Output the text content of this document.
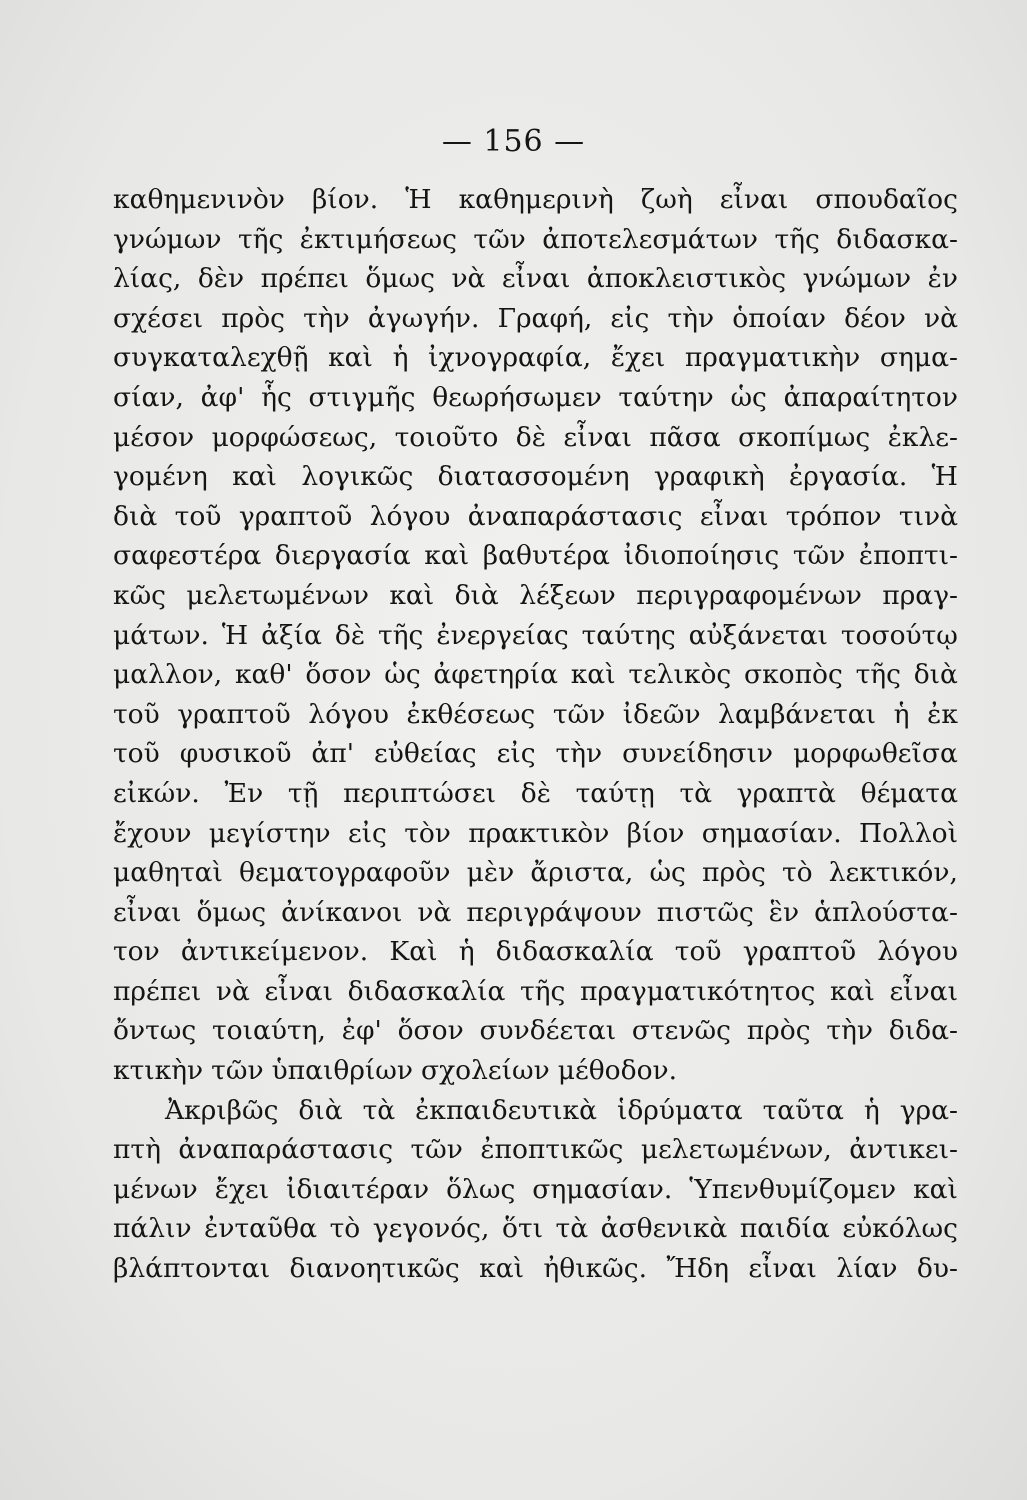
— 156 —
καθημενινὸν βίον. Ἡ καθημερινὴ ζωὴ εἶναι σπουδαῖος
γνώμων τῆς ἐκτιμήσεως τῶν ἀποτελεσμάτων τῆς διδασκα-
λίας, δὲν πρέπει ὅμως νὰ εἶναι ἀποκλειστικὸς γνώμων ἐν
σχέσει πρὸς τὴν ἀγωγήν. Γραφή, εἰς τὴν ὁποίαν δέον νὰ
συγκαταλεχθῇ καὶ ἡ ἰχνογραφία, ἔχει πραγματικὴν σημα-
σίαν, ἀφ' ἧς στιγμῆς θεωρήσωμεν ταύτην ὡς ἀπαραίτητον
μέσον μορφώσεως, τοιοῦτο δὲ εἶναι πᾶσα σκοπίμως ἐκλε-
γομένη καὶ λογικῶς διατασσομένη γραφικὴ ἐργασία. Ἡ
διὰ τοῦ γραπτοῦ λόγου ἀναπαράστασις εἶναι τρόπον τινὰ
σαφεστέρα διεργασία καὶ βαθυτέρα ἰδιοποίησις τῶν ἐποπτι-
κῶς μελετωμένων καὶ διὰ λέξεων περιγραφομένων πραγ-
μάτων. Ἡ ἀξία δὲ τῆς ἐνεργείας ταύτης αὐξάνεται τοσούτῳ
μαλλον, καθ' ὅσον ὡς ἀφετηρία καὶ τελικὸς σκοπὸς τῆς διὰ
τοῦ γραπτοῦ λόγου ἐκθέσεως τῶν ἰδεῶν λαμβάνεται ἡ ἐκ
τοῦ φυσικοῦ ἀπ' εὐθείας εἰς τὴν συνείδησιν μορφωθεῖσα
εἰκών. Ἐν τῇ περιπτώσει δὲ ταύτῃ τὰ γραπτὰ θέματα
ἔχουν μεγίστην εἰς τὸν πρακτικὸν βίον σημασίαν. Πολλοὶ
μαθηταὶ θεματογραφοῦν μὲν ἄριστα, ὡς πρὸς τὸ λεκτικόν,
εἶναι ὅμως ἀνίκανοι νὰ περιγράψουν πιστῶς ἓν ἁπλούστα-
τον ἀντικείμενον. Καὶ ἡ διδασκαλία τοῦ γραπτοῦ λόγου
πρέπει νὰ εἶναι διδασκαλία τῆς πραγματικότητος καὶ εἶναι
ὄντως τοιαύτη, ἐφ' ὅσον συνδέεται στενῶς πρὸς τὴν διδα-
κτικὴν τῶν ὑπαιθρίων σχολείων μέθοδον.
Ἀκριβῶς διὰ τὰ ἐκπαιδευτικὰ ἱδρύματα ταῦτα ἡ γρα-
πτὴ ἀναπαράστασις τῶν ἐποπτικῶς μελετωμένων, ἀντικει-
μένων ἔχει ἰδιαιτέραν ὅλως σημασίαν. Ὑπενθυμίζομεν καὶ
πάλιν ἐνταῦθα τὸ γεγονός, ὅτι τὰ ἀσθενικὰ παιδία εὐκόλως
βλάπτονται διανοητικῶς καὶ ἠθικῶς. Ἤδη εἶναι λίαν δυ-
